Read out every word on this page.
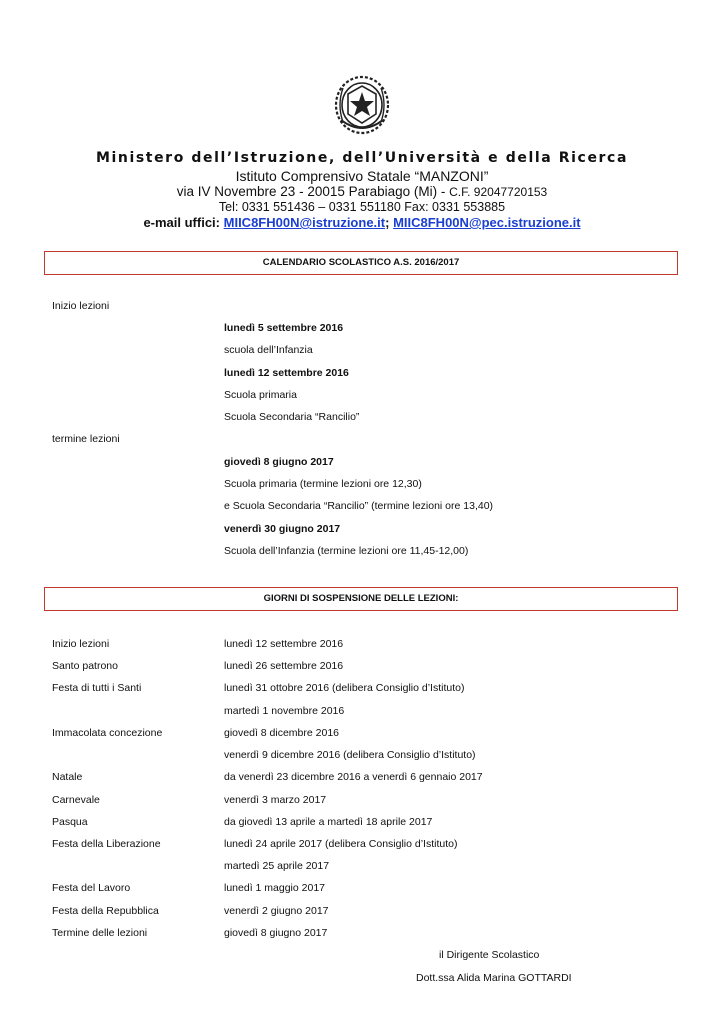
Ministero dell’Istruzione, dell’Università e della Ricerca
Istituto Comprensivo Statale “MANZONI”
via IV Novembre 23 - 20015 Parabiago (Mi) - C.F. 92047720153
Tel: 0331 551436 – 0331 551180 Fax: 0331 553885
e-mail uffici: MIIC8FH00N@istruzione.it; MIIC8FH00N@pec.istruzione.it
CALENDARIO SCOLASTICO A.S. 2016/2017
Inizio lezioni
lunedì 5 settembre 2016
scuola dell’Infanzia
lunedì 12 settembre 2016
Scuola primaria
Scuola Secondaria “Rancilio”
termine lezioni
giovedì 8 giugno 2017
Scuola primaria (termine lezioni ore 12,30)
e Scuola Secondaria “Rancilio” (termine lezioni ore 13,40)
venerdì 30 giugno 2017
Scuola dell’Infanzia (termine lezioni ore 11,45-12,00)
GIORNI DI SOSPENSIONE DELLE LEZIONI:
Inizio lezioni	lunedì 12 settembre 2016
Santo patrono	lunedì 26 settembre 2016
Festa di tutti i Santi	lunedì 31 ottobre 2016 (delibera Consiglio d’Istituto)
martedì 1 novembre 2016
Immacolata concezione	giovedì 8 dicembre 2016
venerdì 9 dicembre 2016 (delibera Consiglio d’Istituto)
Natale	da venerdì 23 dicembre 2016 a venerdì 6 gennaio 2017
Carnevale	venerdì 3 marzo 2017
Pasqua	da giovedì 13 aprile a martedì 18 aprile 2017
Festa della Liberazione	lunedì 24 aprile 2017 (delibera Consiglio d’Istituto)
martedì 25 aprile 2017
Festa del Lavoro	lunedì 1 maggio 2017
Festa della Repubblica	venerdì 2 giugno 2017
Termine delle lezioni	giovedì 8 giugno 2017
il Dirigente Scolastico
Dott.ssa Alida Marina GOTTARDI
